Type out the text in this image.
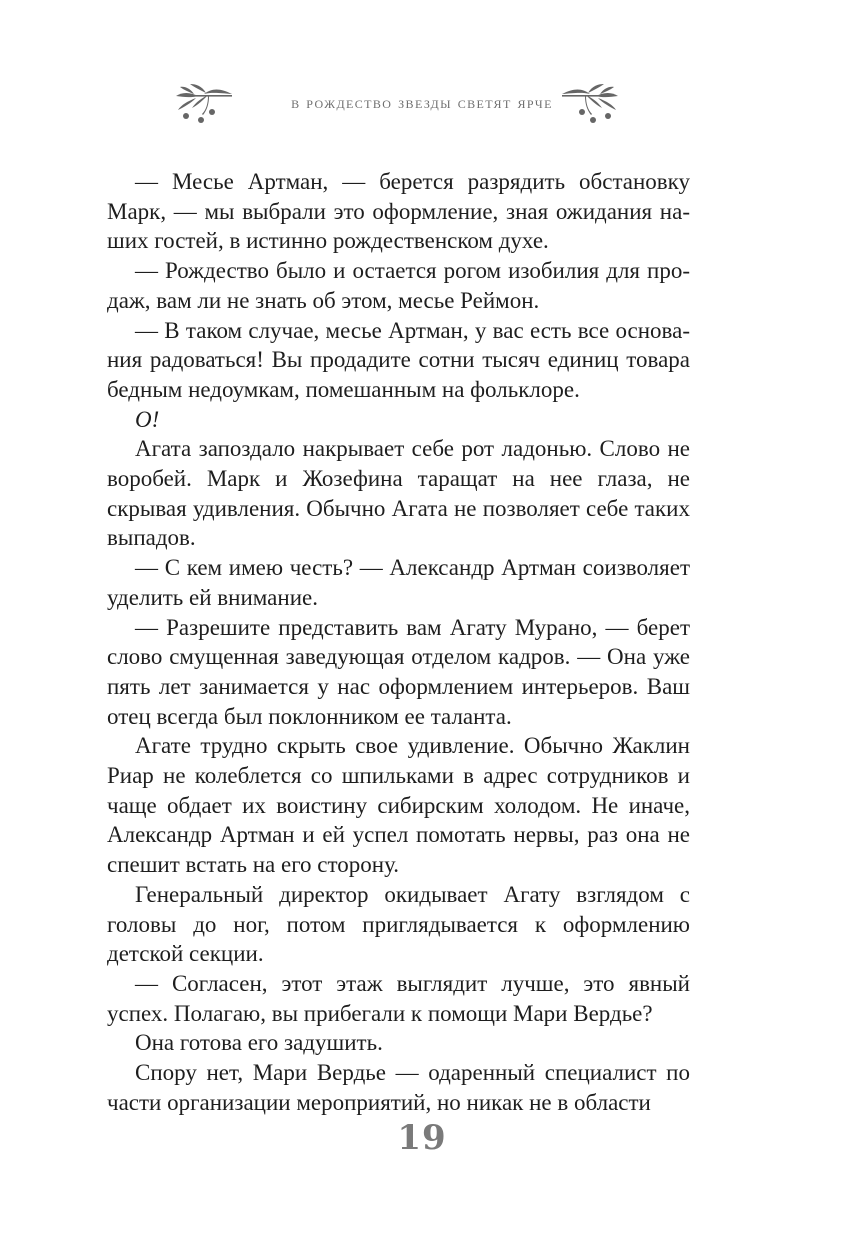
в рождество звезды светят ярче

— Месье Артман, — берется разрядить обстановку Марк, — мы выбрали это оформление, зная ожидания наших гостей, в истинно рождественском духе.

— Рождество было и остается рогом изобилия для продаж, вам ли не знать об этом, месье Реймон.

— В таком случае, месье Артман, у вас есть все основания радоваться! Вы продадите сотни тысяч единиц товара бедным недоумкам, помешанным на фольклоре.

О!

Агата запоздало накрывает себе рот ладонью. Слово не воробей. Марк и Жозефина таращат на нее глаза, не скрывая удивления. Обычно Агата не позволяет себе таких выпадов.

— С кем имею честь? — Александр Артман соизволяет уделить ей внимание.

— Разрешите представить вам Агату Мурано, — берет слово смущенная заведующая отделом кадров. — Она уже пять лет занимается у нас оформлением интерьеров. Ваш отец всегда был поклонником ее таланта.

Агате трудно скрыть свое удивление. Обычно Жаклин Риар не колеблется со шпильками в адрес сотрудников и чаще обдает их воистину сибирским холодом. Не иначе, Александр Артман и ей успел помотать нервы, раз она не спешит встать на его сторону.

Генеральный директор окидывает Агату взглядом с головы до ног, потом приглядывается к оформлению детской секции.

— Согласен, этот этаж выглядит лучше, это явный успех. Полагаю, вы прибегали к помощи Мари Вердье?

Она готова его задушить.

Спору нет, Мари Вердье — одаренный специалист по части организации мероприятий, но никак не в области

19
